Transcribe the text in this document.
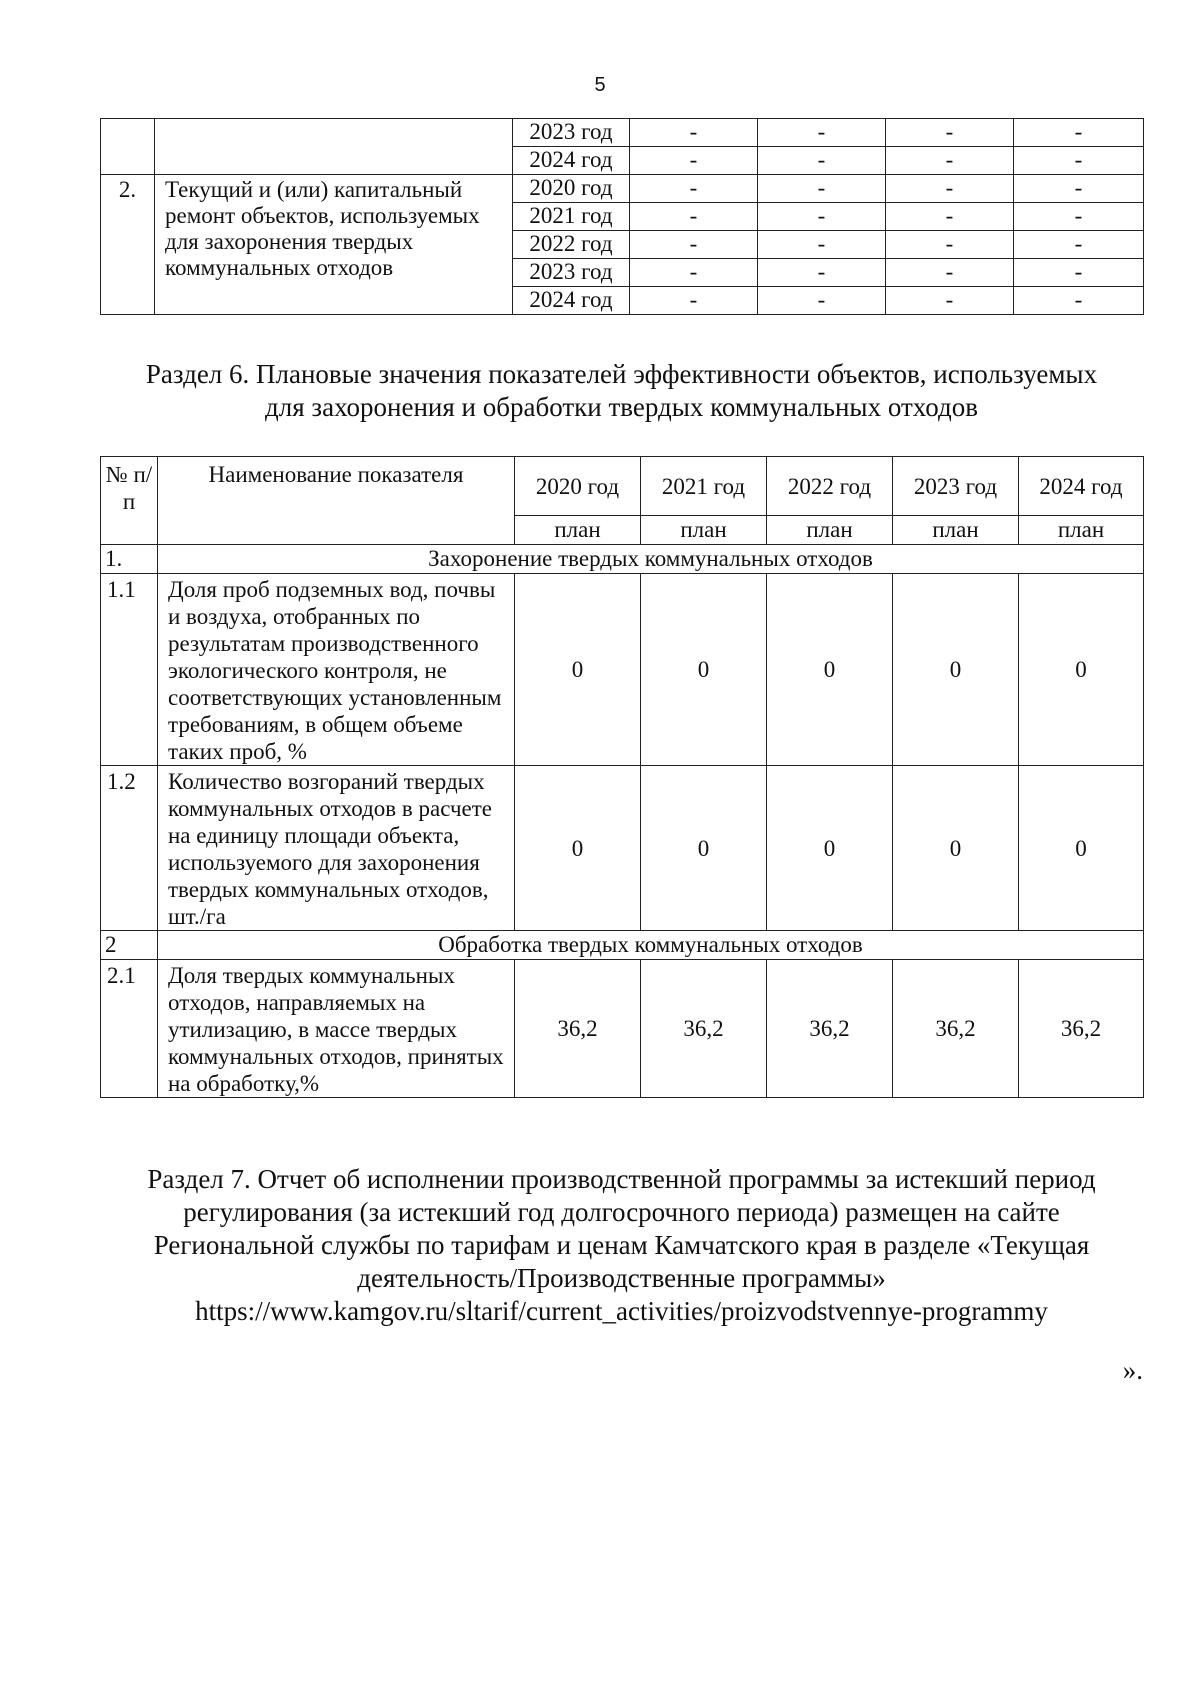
5
		2023 год	-	-	-	-
		2024 год	-	-	-	-
2.	Текущий и (или) капитальный ремонт объектов, используемых для захоронения твердых коммунальных отходов	2020 год	-	-	-	-
		2021 год	-	-	-	-
		2022 год	-	-	-	-
		2023 год	-	-	-	-
		2024 год	-	-	-	-
Раздел 6. Плановые значения показателей эффективности объектов, используемых
для захоронения и обработки твердых коммунальных отходов
№ п/п	Наименование показателя	2020 год	2021 год	2022 год	2023 год	2024 год
		план	план	план	план	план
1.	Захоронение твердых коммунальных отходов					
1.1	Доля проб подземных вод, почвы и воздуха, отобранных по результатам производственного экологического контроля, не соответствующих установленным требованиям, в общем объеме таких проб, %	0	0	0	0	0
1.2	Количество возгораний твердых коммунальных отходов в расчете на единицу площади объекта, используемого для захоронения твердых коммунальных отходов, шт./га	0	0	0	0	0
2	Обработка твердых коммунальных отходов					
2.1	Доля твердых коммунальных отходов, направляемых на утилизацию, в массе твердых коммунальных отходов, принятых на обработку,%	36,2	36,2	36,2	36,2	36,2
Раздел 7. Отчет об исполнении производственной программы за истекший период
регулирования (за истекший год долгосрочного периода) размещен на сайте
Региональной службы по тарифам и ценам Камчатского края в разделе «Текущая
деятельность/Производственные программы»
https://www.kamgov.ru/sltarif/current_activities/proizvodstvennye-programmy
».
